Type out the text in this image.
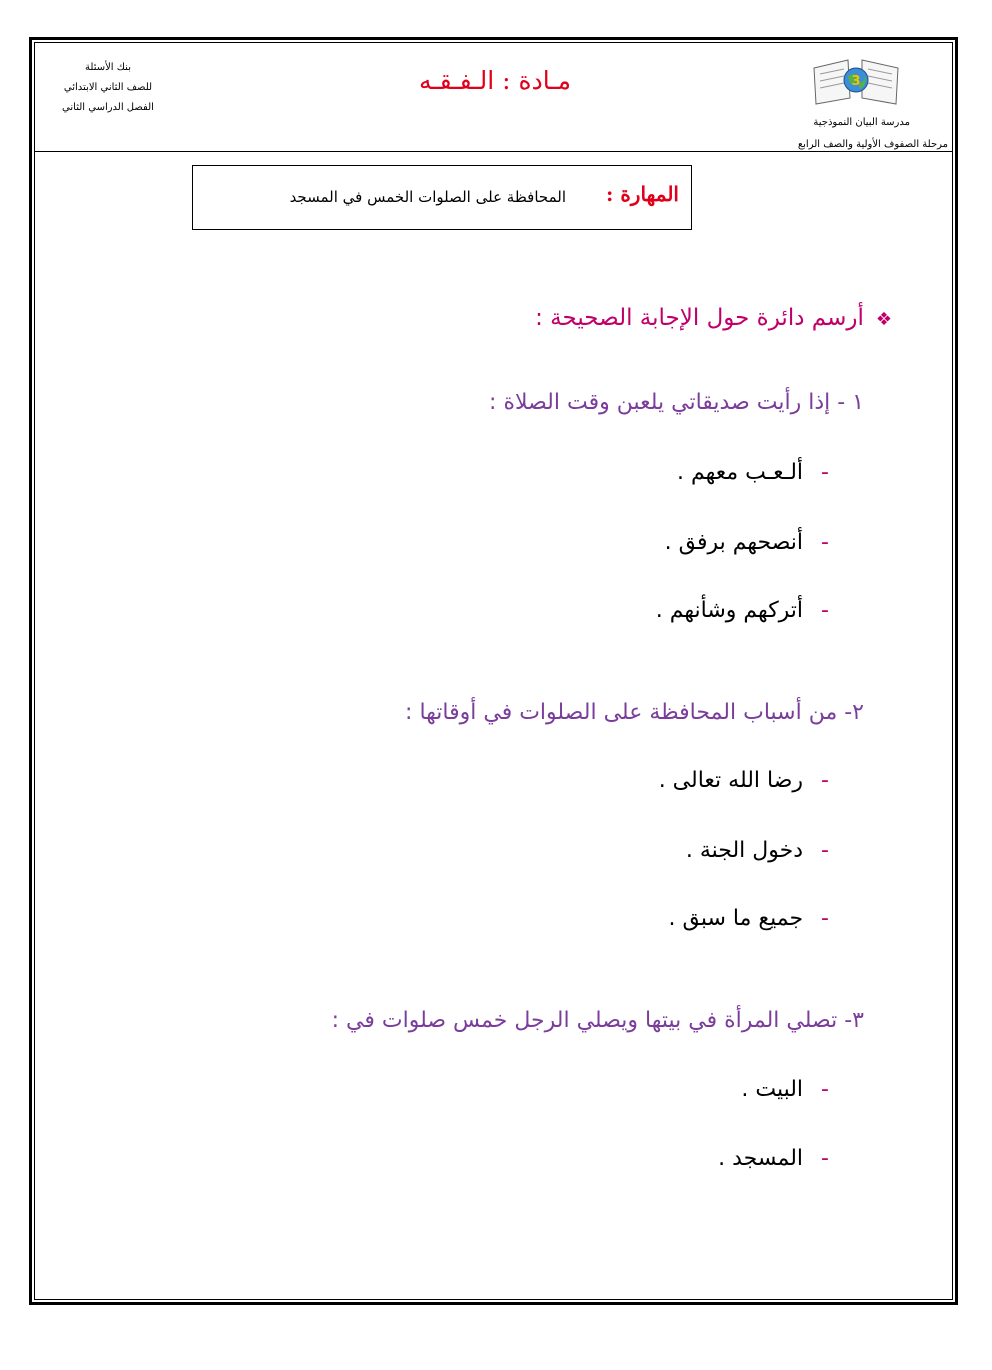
بنك الأسئلة
للصف الثاني الابتدائي
الفصل الدراسي الثاني
مـادة : الـفـقـه	3
مدرسة البيان النموذجية
مرحلة الصفوف الأولية والصف الرابع
المهارة :
المحافظة على الصلوات الخمس في المسجد
❖أرسم دائرة حول الإجابة الصحيحة :
١ - إذا رأيت صديقاتي يلعبن وقت الصلاة :
-ألـعـب معهم .
-أنصحهم برفق .
-أتركهم وشأنهم .
٢- من أسباب المحافظة على الصلوات في أوقاتها :
-رضا الله تعالى .
-دخول الجنة .
-جميع ما سبق .
٣- تصلي المرأة في بيتها ويصلي الرجل خمس صلوات في :
-البيت .
-المسجد .
